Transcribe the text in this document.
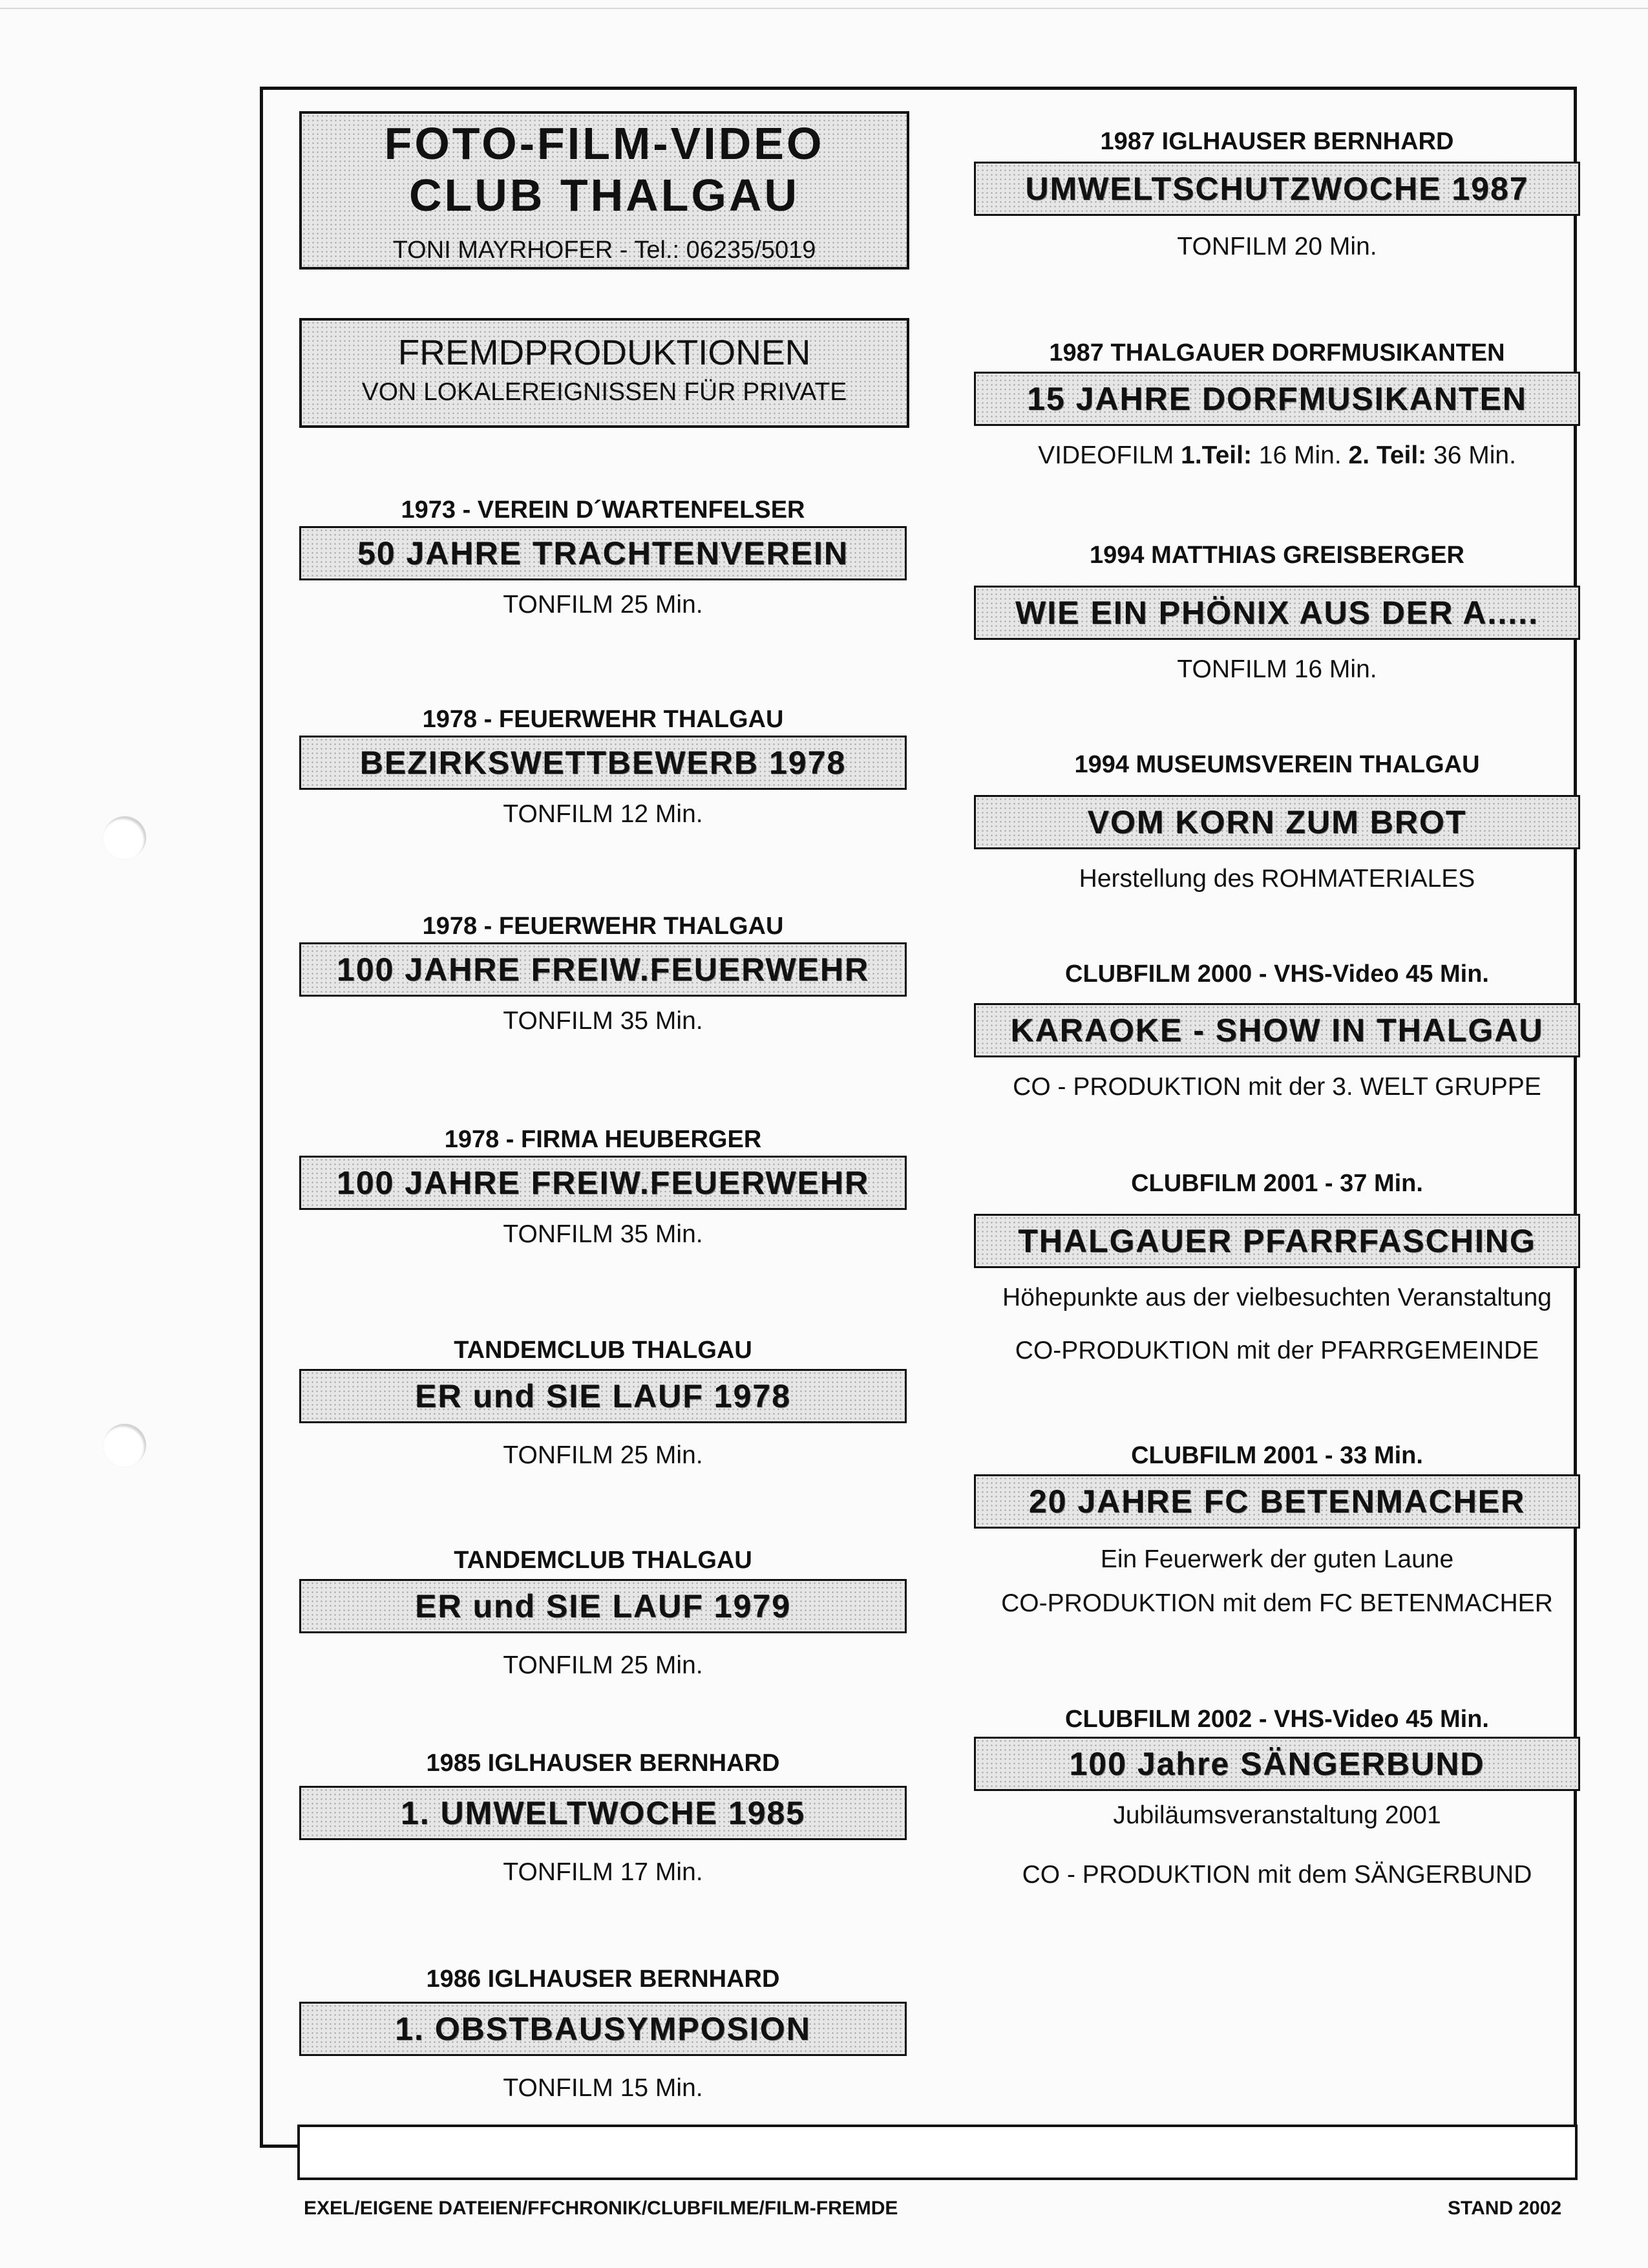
FOTO-FILM-VIDEO
CLUB THALGAU
TONI MAYRHOFER - Tel.: 06235/5019
FREMDPRODUKTIONEN
VON LOKALEREIGNISSEN FÜR PRIVATE
1973 - VEREIN D´WARTENFELSER
50 JAHRE TRACHTENVEREIN
TONFILM 25 Min.
1978 - FEUERWEHR THALGAU
BEZIRKSWETTBEWERB 1978
TONFILM 12 Min.
1978 - FEUERWEHR THALGAU
100 JAHRE FREIW.FEUERWEHR
TONFILM 35 Min.
1978 - FIRMA HEUBERGER
100 JAHRE FREIW.FEUERWEHR
TONFILM 35 Min.
TANDEMCLUB THALGAU
ER und SIE LAUF 1978
TONFILM 25 Min.
TANDEMCLUB THALGAU
ER und SIE LAUF 1979
TONFILM 25 Min.
1985 IGLHAUSER BERNHARD
1. UMWELTWOCHE 1985
TONFILM 17 Min.
1986 IGLHAUSER BERNHARD
1. OBSTBAUSYMPOSION
TONFILM 15 Min.
1987 IGLHAUSER BERNHARD
UMWELTSCHUTZWOCHE 1987
TONFILM 20 Min.
1987 THALGAUER DORFMUSIKANTEN
15 JAHRE DORFMUSIKANTEN
VIDEOFILM 1.Teil: 16 Min. 2. Teil: 36 Min.
1994 MATTHIAS GREISBERGER
WIE EIN PHÖNIX AUS DER A.....
TONFILM 16 Min.
1994 MUSEUMSVEREIN THALGAU
VOM KORN ZUM BROT
Herstellung des ROHMATERIALES
CLUBFILM 2000 - VHS-Video 45 Min.
KARAOKE - SHOW IN THALGAU
CO - PRODUKTION mit der 3. WELT GRUPPE
CLUBFILM 2001 - 37 Min.
THALGAUER PFARRFASCHING
Höhepunkte aus der vielbesuchten Veranstaltung
CO-PRODUKTION mit der PFARRGEMEINDE
CLUBFILM 2001 - 33 Min.
20 JAHRE FC BETENMACHER
Ein Feuerwerk der guten Laune
CO-PRODUKTION mit dem FC BETENMACHER
CLUBFILM 2002 - VHS-Video 45 Min.
100 Jahre SÄNGERBUND
Jubiläumsveranstaltung 2001
CO - PRODUKTION mit dem SÄNGERBUND
EXEL/EIGENE DATEIEN/FFCHRONIK/CLUBFILME/FILM-FREMDE	STAND 2002
